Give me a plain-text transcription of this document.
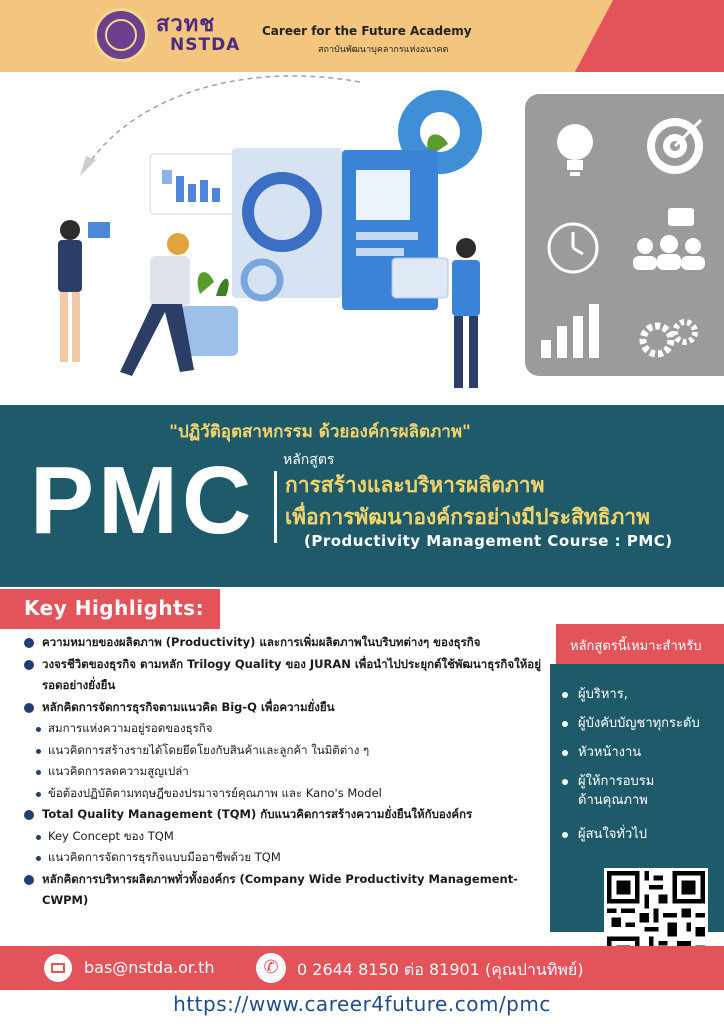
สวทช
NSTDA
Career for the Future Academy
สถาบันพัฒนาบุคลากรแห่งอนาคต
"ปฏิวัติอุตสาหกรรม ด้วยองค์กรผลิตภาพ"
PMC หลักสูตร
การสร้างและบริหารผลิตภาพ
เพื่อการพัฒนาองค์กรอย่างมีประสิทธิภาพ
(Productivity Management Course : PMC)
Key Highlights:
ความหมายของผลิตภาพ (Productivity) และการเพิ่มผลิตภาพในบริบทต่างๆ ของธุรกิจ
วงจรชีวิตของธุรกิจ ตามหลัก Trilogy Quality ของ JURAN เพื่อนำไปประยุกต์ใช้พัฒนาธุรกิจให้อยู่รอดอย่างยั่งยืน
หลักคิดการจัดการธุรกิจตามแนวคิด Big-Q เพื่อความยั่งยืน
สมการแห่งความอยู่รอดของธุรกิจ
แนวคิดการสร้างรายได้โดยยึดโยงกับสินค้าและลูกค้า ในมิติต่าง ๆ
แนวคิดการลดความสูญเปล่า
ข้อต้องปฏิบัติตามทฤษฎีของปรมาจารย์คุณภาพ และ Kano's Model
Total Quality Management (TQM) กับแนวคิดการสร้างความยั่งยืนให้กับองค์กร
Key Concept ของ TQM
แนวคิดการจัดการธุรกิจแบบมืออาชีพด้วย TQM
หลักคิดการบริหารผลิตภาพทั่วทั้งองค์กร (Company Wide Productivity Management-CWPM)
หลักสูตรนี้เหมาะสำหรับ
ผู้บริหาร,
ผู้บังคับบัญชาทุกระดับ
หัวหน้างาน
ผู้ให้การอบรม
ด้านคุณภาพ
ผู้สนใจทั่วไป
bas@nstda.or.th	✆	0 2644 8150 ต่อ 81901 (คุณปานทิพย์)
https://www.career4future.com/pmc
